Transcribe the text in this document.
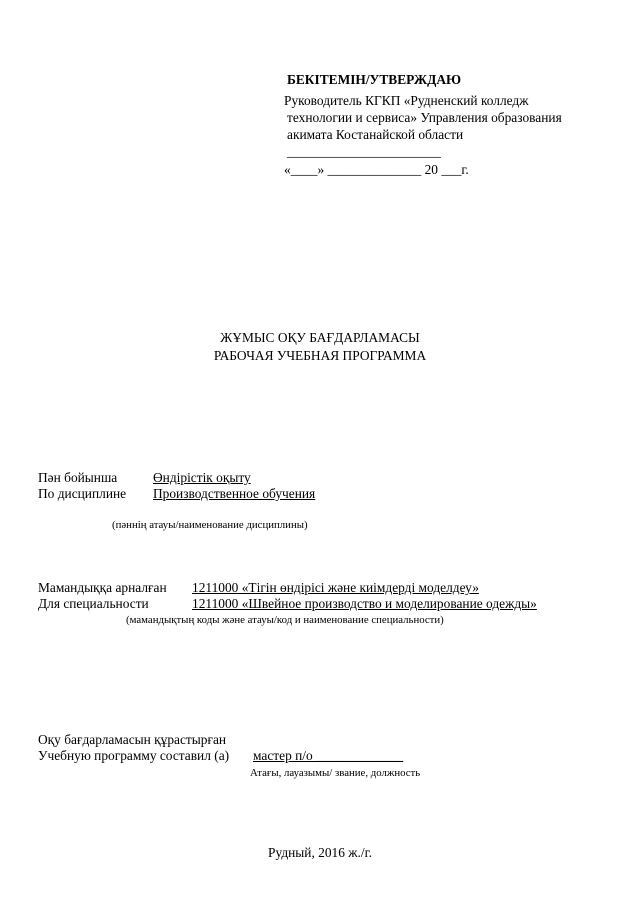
БЕКІТЕМІН/УТВЕРЖДАЮ
Руководитель КГКП «Рудненский колледж
технологии и сервиса» Управления образования
акимата Костанайской области
_______________________
«____» ______________ 20 ___г.
ЖҰМЫС ОҚУ БАҒДАРЛАМАСЫ
РАБОЧАЯ УЧЕБНАЯ ПРОГРАММА
Пән бойынша	Өндірістік оқыту
По дисциплине Производственное обучения
(пәннің атауы/наименование дисциплины)
Мамандыққа арналған 1211000 «Тігін өндірісі және киімдерді моделдеу»
Для специальности	1211000 «Швейное производство и моделирование одежды»
(мамандықтың коды және атауы/код и наименование специальности)
Оқу бағдарламасын құрастырған
Учебную программу составил (а) мастер п/о _____________
Атағы, лауазымы/ звание, должность
Рудный, 2016 ж./г.
